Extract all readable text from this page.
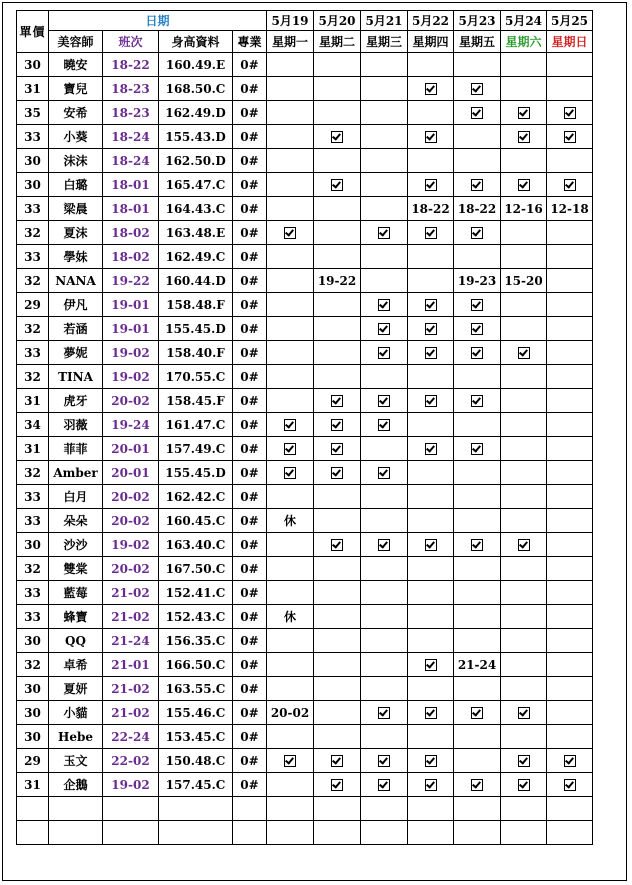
單價	日期				5月19	5月20	5月21	5月22	5月23	5月24	5月25
	美容師	班次	身高資料	專業	星期一	星期二	星期三	星期四	星期五	星期六	星期日
30	曉安	18-22	160.49.E	0#							
31	寶兒	18-23	168.50.C	0#							
35	安希	18-23	162.49.D	0#							
33	小葵	18-24	155.43.D	0#							
30	沫沫	18-24	162.50.D	0#							
30	白璐	18-01	165.47.C	0#							
33	梁晨	18-01	164.43.C	0#				18-22	18-22	12-16	12-18
32	夏沫	18-02	163.48.E	0#							
33	學妹	18-02	162.49.C	0#							
32	NANA	19-22	160.44.D	0#		19-22			19-23	15-20	
29	伊凡	19-01	158.48.F	0#							
32	若涵	19-01	155.45.D	0#							
33	夢妮	19-02	158.40.F	0#							
32	TINA	19-02	170.55.C	0#							
31	虎牙	20-02	158.45.F	0#							
34	羽薇	19-24	161.47.C	0#							
31	菲菲	20-01	157.49.C	0#							
32	Amber	20-01	155.45.D	0#							
33	白月	20-02	162.42.C	0#							
33	朵朵	20-02	160.45.C	0#	休						
30	沙沙	19-02	163.40.C	0#							
32	雙棠	20-02	167.50.C	0#							
33	藍莓	21-02	152.41.C	0#							
33	蜂寶	21-02	152.43.C	0#	休						
30	QQ	21-24	156.35.C	0#							
32	卓希	21-01	166.50.C	0#					21-24		
30	夏妍	21-02	163.55.C	0#							
30	小貓	21-02	155.46.C	0#	20-02						
30	Hebe	22-24	153.45.C	0#							
29	玉文	22-02	150.48.C	0#							
31	企鵝	19-02	157.45.C	0#							
